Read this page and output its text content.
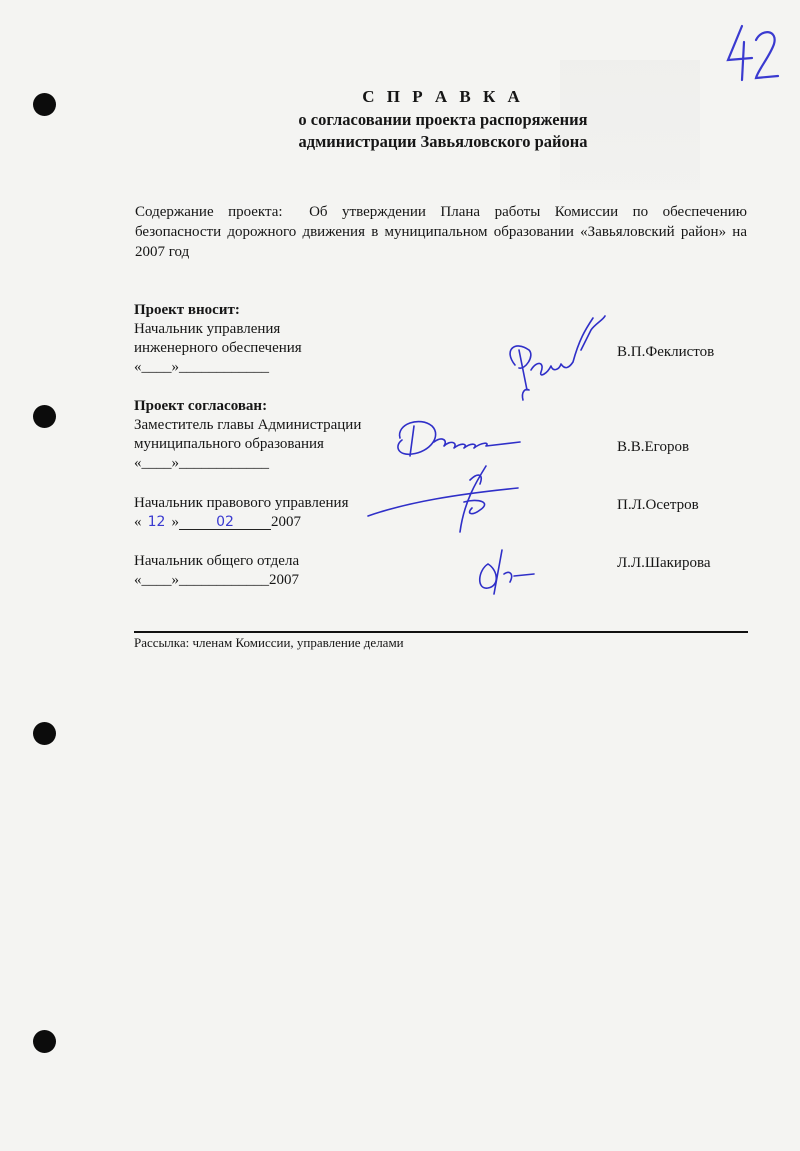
С П Р А В К А
о согласовании проекта распоряжения
администрации Завьяловского района
Содержание проекта: Об утверждении Плана работы Комиссии по обеспечению безопасности дорожного движения в муниципальном образовании «Завьяловский район» на 2007 год
Проект вносит:
Начальник управления
инженерного обеспечения
«____»____________
В.П.Феклистов
Проект согласован:
Заместитель главы Администрации
муниципального образования
«____»____________
В.В.Егоров
Начальник правового управления
« 12 »	02 2007
П.Л.Осетров
Начальник общего отдела
«____»____________2007
Л.Л.Шакирова
Рассылка: членам Комиссии, управление делами
